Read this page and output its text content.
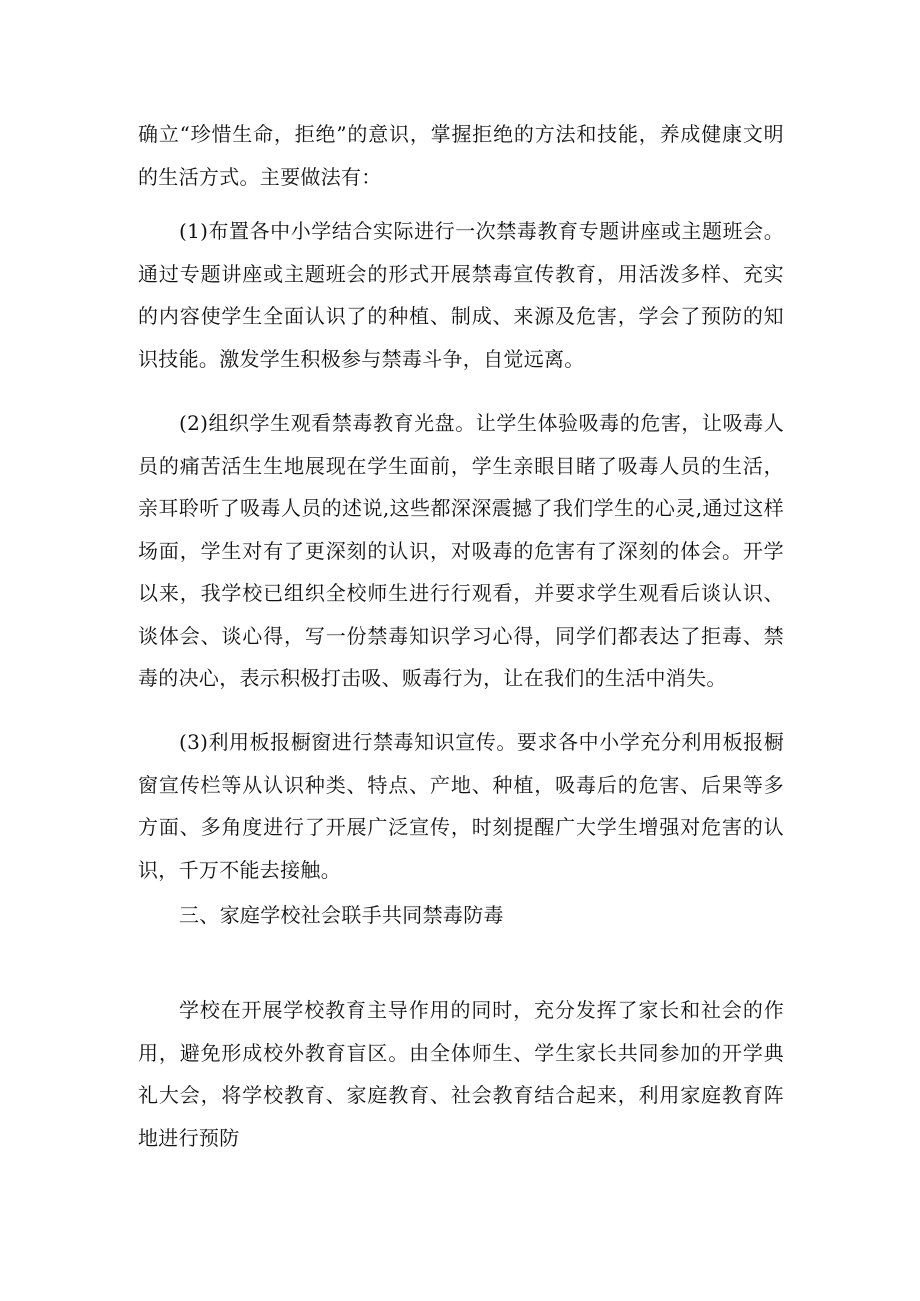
确立“珍惜生命，拒绝”的意识，掌握拒绝的方法和技能，养成健康文明的生活方式。主要做法有：

(1)布置各中小学结合实际进行一次禁毒教育专题讲座或主题班会。通过专题讲座或主题班会的形式开展禁毒宣传教育，用活泼多样、充实的内容使学生全面认识了的种植、制成、来源及危害，学会了预防的知识技能。激发学生积极参与禁毒斗争，自觉远离。

(2)组织学生观看禁毒教育光盘。让学生体验吸毒的危害，让吸毒人员的痛苦活生生地展现在学生面前，学生亲眼目睹了吸毒人员的生活，亲耳聆听了吸毒人员的述说,这些都深深震撼了我们学生的心灵,通过这样场面，学生对有了更深刻的认识，对吸毒的危害有了深刻的体会。开学以来，我学校已组织全校师生进行行观看，并要求学生观看后谈认识、谈体会、谈心得，写一份禁毒知识学习心得，同学们都表达了拒毒、禁毒的决心，表示积极打击吸、贩毒行为，让在我们的生活中消失。

(3)利用板报橱窗进行禁毒知识宣传。要求各中小学充分利用板报橱窗宣传栏等从认识种类、特点、产地、种植，吸毒后的危害、后果等多方面、多角度进行了开展广泛宣传，时刻提醒广大学生增强对危害的认识，千万不能去接触。

三、家庭学校社会联手共同禁毒防毒

学校在开展学校教育主导作用的同时，充分发挥了家长和社会的作用，避免形成校外教育盲区。由全体师生、学生家长共同参加的开学典礼大会，将学校教育、家庭教育、社会教育结合起来，利用家庭教育阵地进行预防
